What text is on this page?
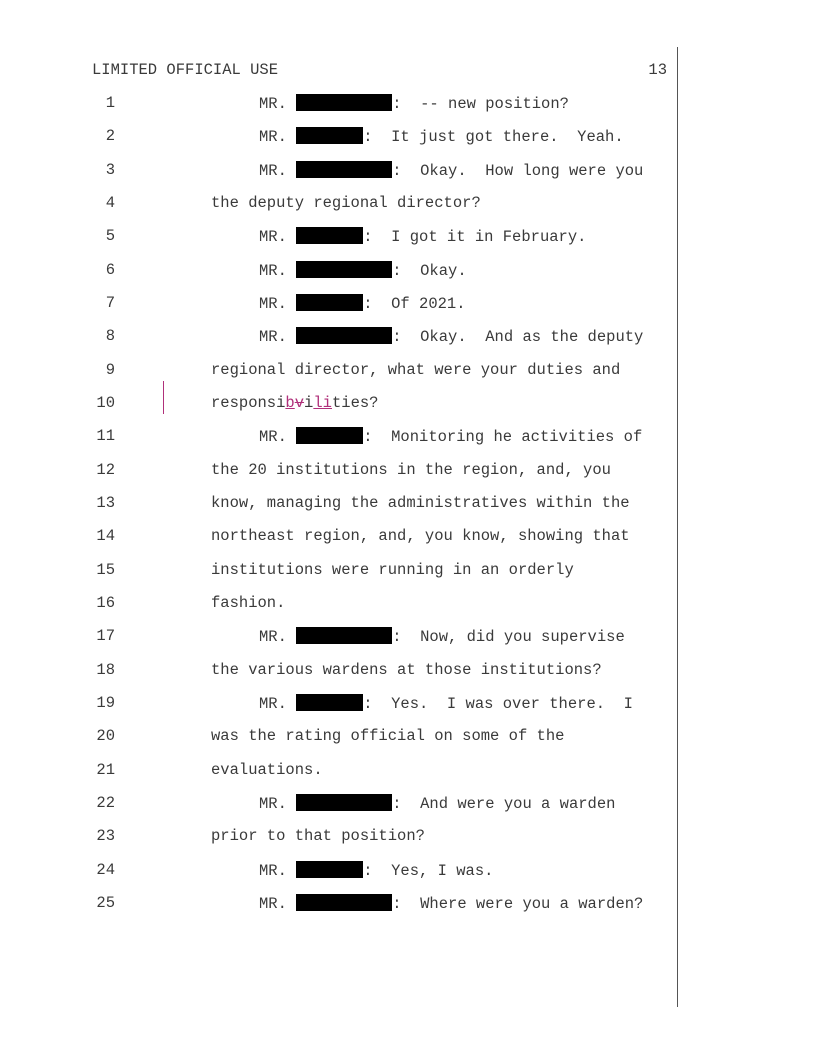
LIMITED OFFICIAL USE	13
1	MR.	:  -- new position?
2	MR.	:  It just got there.  Yeah.
3	MR.	:  Okay.  How long were you
4	the deputy regional director?
5	MR.	:  I got it in February.
6	MR.	:  Okay.
7	MR.	:  Of 2021.
8	MR.	:  Okay.  And as the deputy
9	regional director, what were your duties and
10	responsibvilities?
11	MR.	:  Monitoring he activities of
12	the 20 institutions in the region, and, you
13	know, managing the administratives within the
14	northeast region, and, you know, showing that
15	institutions were running in an orderly
16	fashion.
17	MR.	:  Now, did you supervise
18	the various wardens at those institutions?
19	MR.	:  Yes.  I was over there.  I
20	was the rating official on some of the
21	evaluations.
22	MR.	:  And were you a warden
23	prior to that position?
24	MR.	:  Yes, I was.
25	MR.	:  Where were you a warden?
